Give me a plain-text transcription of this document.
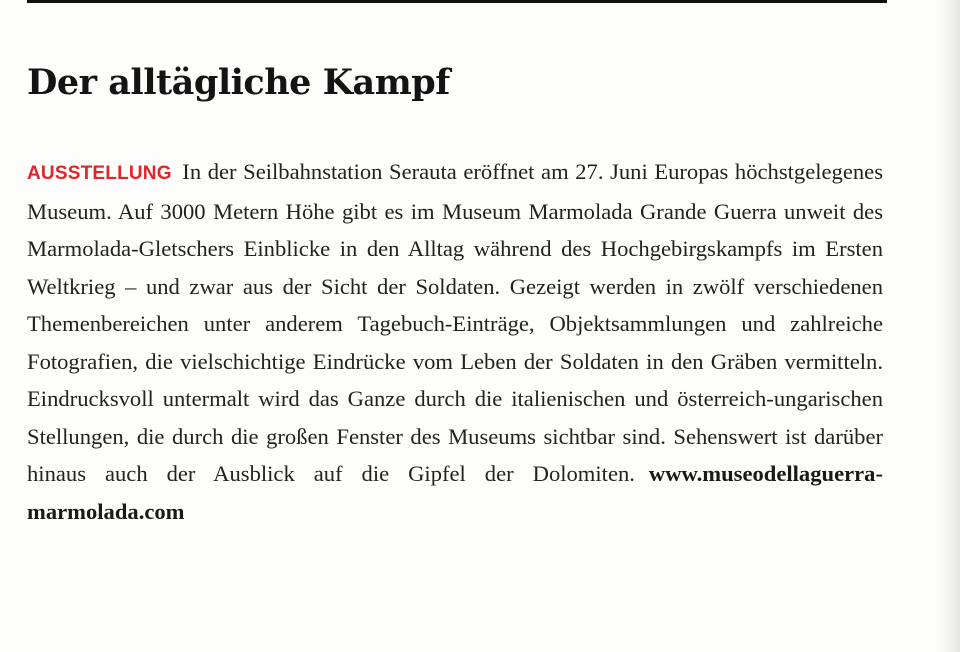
Der alltägliche Kampf

AUSSTELLUNG In der Seilbahnstation Serauta eröffnet am 27. Juni Europas höchstgelegenes Museum. Auf 3000 Metern Höhe gibt es im Museum Marmolada Grande Guerra unweit des Marmolada-Gletschers Einblicke in den Alltag während des Hochgebirgskampfs im Ersten Weltkrieg – und zwar aus der Sicht der Soldaten. Gezeigt werden in zwölf verschiedenen Themenbereichen unter anderem Tagebuch-Einträge, Objektsammlungen und zahlreiche Fotografien, die vielschichtige Eindrücke vom Leben der Soldaten in den Gräben vermitteln. Eindrucksvoll untermalt wird das Ganze durch die italienischen und österreich-ungarischen Stellungen, die durch die großen Fenster des Museums sichtbar sind. Sehenswert ist darüber hinaus auch der Ausblick auf die Gipfel der Dolomiten. www.museodellaguerra-marmolada.com
